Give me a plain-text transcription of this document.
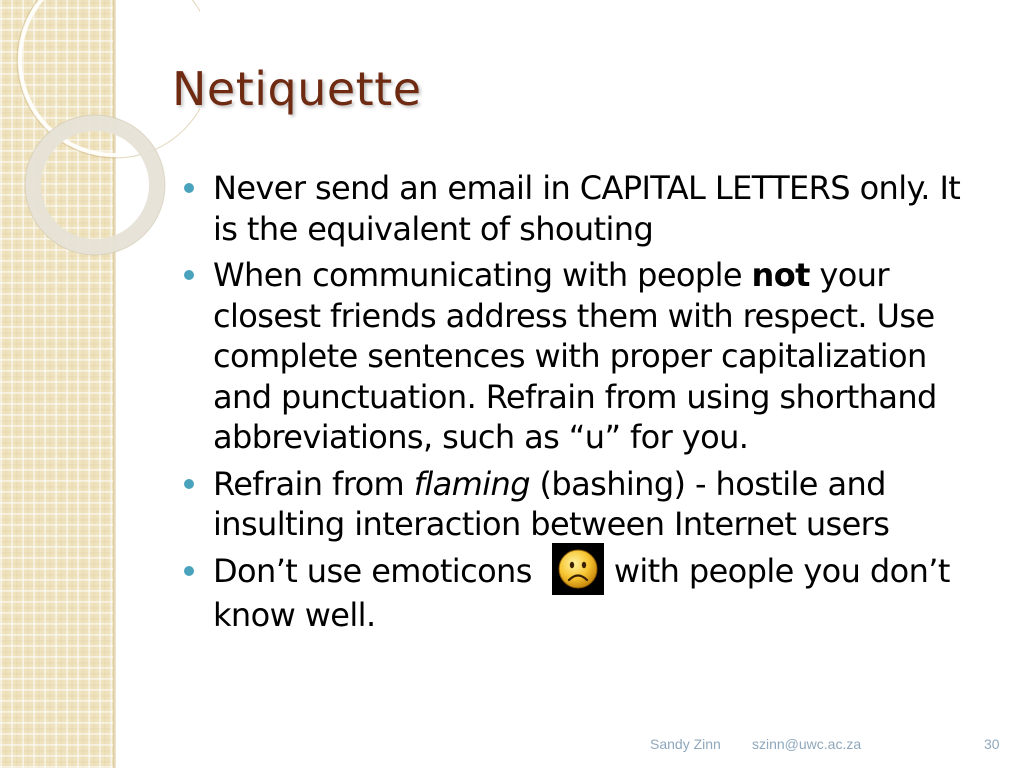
Netiquette
Never send an email in CAPITAL LETTERS only. It is the equivalent of shouting
When communicating with people not your closest friends address them with respect. Use complete sentences with proper capitalization and punctuation. Refrain from using shorthand abbreviations, such as “u” for you.
Refrain from flaming (bashing) - hostile and insulting interaction between Internet users
Don’t use emoticons	with people you don’t know well.
Sandy Zinn szinn@uwc.ac.za	30
